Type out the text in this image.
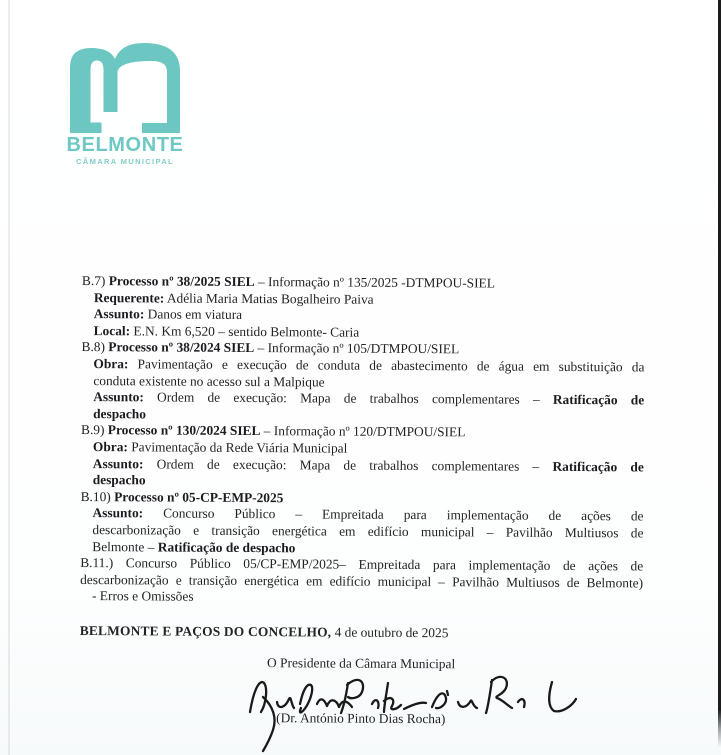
BELMONTE
CÂMARA MUNICIPAL
B.7) Processo nº 38/2025 SIEL – Informação nº 135/2025 -DTMPOU-SIEL
Requerente: Adélia Maria Matias Bogalheiro Paiva
Assunto: Danos em viatura
Local: E.N. Km 6,520 – sentido Belmonte- Caria
B.8) Processo nº 38/2024 SIEL – Informação nº 105/DTMPOU/SIEL
Obra: Pavimentação e execução de conduta de abastecimento de água em substituição da
conduta existente no acesso sul a Malpique
Assunto: Ordem de execução: Mapa de trabalhos complementares – Ratificação de
despacho
B.9) Processo nº 130/2024 SIEL – Informação nº 120/DTMPOU/SIEL
Obra: Pavimentação da Rede Viária Municipal
Assunto: Ordem de execução: Mapa de trabalhos complementares – Ratificação de
despacho
B.10) Processo nº 05-CP-EMP-2025
Assunto: Concurso Público – Empreitada para implementação de ações de
descarbonização e transição energética em edifício municipal – Pavilhão Multiusos de
Belmonte – Ratificação de despacho
B.11.) Concurso Público 05/CP-EMP/2025– Empreitada para implementação de ações de
descarbonização e transição energética em edifício municipal – Pavilhão Multiusos de Belmonte)
- Erros e Omissões
BELMONTE E PAÇOS DO CONCELHO, 4 de outubro de 2025
O Presidente da Câmara Municipal
(Dr. António Pinto Dias Rocha)
